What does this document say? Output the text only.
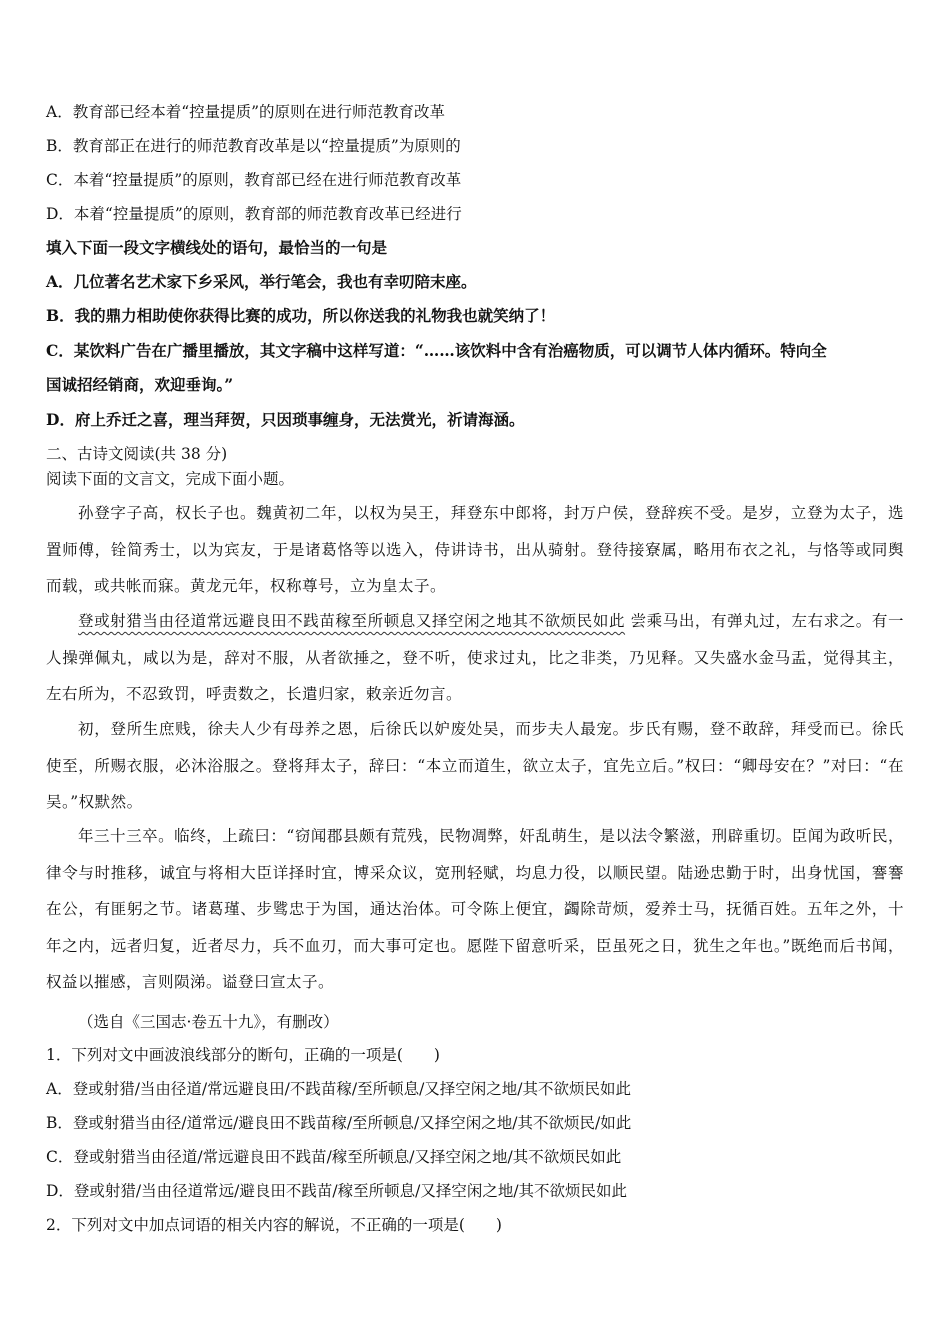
A．教育部已经本着“控量提质”的原则在进行师范教育改革
B．教育部正在进行的师范教育改革是以“控量提质”为原则的
C．本着“控量提质”的原则，教育部已经在进行师范教育改革
D．本着“控量提质”的原则，教育部的师范教育改革已经进行
填入下面一段文字横线处的语句，最恰当的一句是
A．几位著名艺术家下乡采风，举行笔会，我也有幸叨陪末座。
B．我的鼎力相助使你获得比赛的成功，所以你送我的礼物我也就笑纳了！
C．某饮料广告在广播里播放，其文字稿中这样写道：“……该饮料中含有治癌物质，可以调节人体内循环。特向全
国诚招经销商，欢迎垂询。”
D．府上乔迁之喜，理当拜贺，只因琐事缠身，无法赏光，祈请海涵。
二、古诗文阅读(共 38 分)
阅读下面的文言文，完成下面小题。
孙登字子高，权长子也。魏黄初二年，以权为吴王，拜登东中郎将，封万户侯，登辞疾不受。是岁，立登为太子，选置师傅，铨简秀士，以为宾友，于是诸葛恪等以选入，侍讲诗书，出从骑射。登待接寮属，略用布衣之礼，与恪等或同舆而载，或共帐而寐。黄龙元年，权称尊号，立为皇太子。
登或射猎当由径道常远避良田不践苗稼至所顿息又择空闲之地其不欲烦民如此 尝乘马出，有弹丸过，左右求之。有一人操弹佩丸，咸以为是，辞对不服，从者欲捶之，登不听，使求过丸，比之非类，乃见释。又失盛水金马盂，觉得其主，左右所为，不忍致罚，呼责数之，长遣归家，敕亲近勿言。
初，登所生庶贱，徐夫人少有母养之恩，后徐氏以妒废处吴，而步夫人最宠。步氏有赐，登不敢辞，拜受而已。徐氏使至，所赐衣服，必沐浴服之。登将拜太子，辞曰：“本立而道生，欲立太子，宜先立后。”权曰：“卿母安在？”对曰：“在吴。”权默然。
年三十三卒。临终，上疏曰：“窃闻郡县颇有荒残，民物凋弊，奸乱萌生，是以法令繁滋，刑辟重切。臣闻为政听民，律令与时推移，诚宜与将相大臣详择时宜，博采众议，宽刑轻赋，均息力役，以顺民望。陆逊忠勤于时，出身忧国，謇謇在公，有匪躬之节。诸葛瑾、步骘忠于为国，通达治体。可令陈上便宜，蠲除苛烦，爱养士马，抚循百姓。五年之外，十年之内，远者归复，近者尽力，兵不血刃，而大事可定也。愿陛下留意听采，臣虽死之日，犹生之年也。”既绝而后书闻，权益以摧感，言则陨涕。谥登曰宣太子。
（选自《三国志·卷五十九》，有删改）
1．下列对文中画波浪线部分的断句，正确的一项是(　　)
A．登或射猎/当由径道/常远避良田/不践苗稼/至所顿息/又择空闲之地/其不欲烦民如此
B．登或射猎当由径/道常远/避良田不践苗稼/至所顿息/又择空闲之地/其不欲烦民/如此
C．登或射猎当由径道/常远避良田不践苗/稼至所顿息/又择空闲之地/其不欲烦民如此
D．登或射猎/当由径道常远/避良田不践苗/稼至所顿息/又择空闲之地/其不欲烦民如此
2．下列对文中加点词语的相关内容的解说，不正确的一项是(　　)
